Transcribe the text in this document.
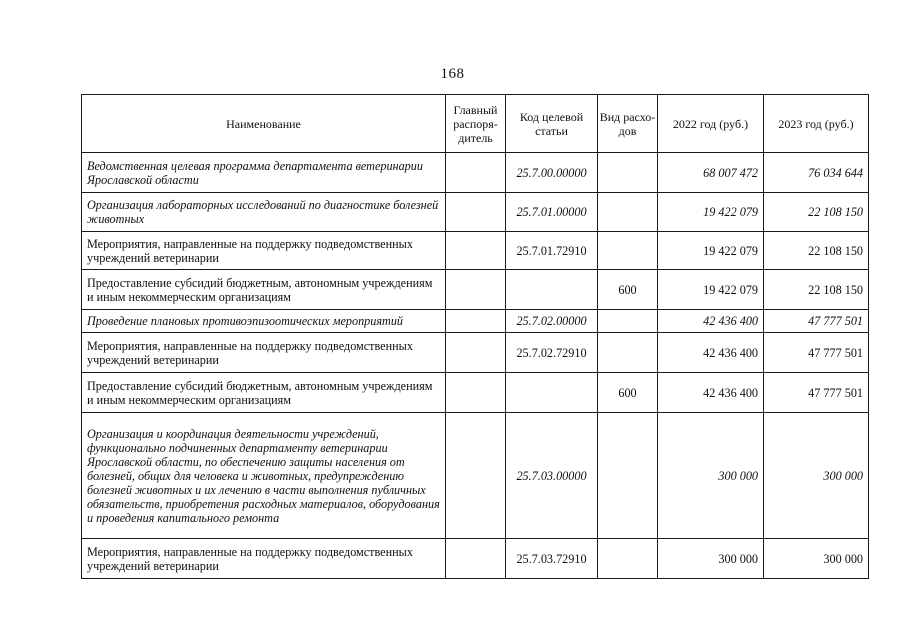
168
Наименование	Главный распоря- дитель	Код целевой статьи	Вид расхо- дов	2022 год (руб.)	2023 год (руб.)
Ведомственная целевая программа департамента ветеринарии Ярославской области		25.7.00.00000		68 007 472	76 034 644
Организация лабораторных исследований по диагностике болезней животных		25.7.01.00000		19 422 079	22 108 150
Мероприятия, направленные на поддержку подведомственных учреждений ветеринарии		25.7.01.72910		19 422 079	22 108 150
Предоставление субсидий бюджетным, автономным учреждениям и иным некоммерческим организациям			600	19 422 079	22 108 150
Проведение плановых противоэпизоотических мероприятий		25.7.02.00000		42 436 400	47 777 501
Мероприятия, направленные на поддержку подведомственных учреждений ветеринарии		25.7.02.72910		42 436 400	47 777 501
Предоставление субсидий бюджетным, автономным учреждениям и иным некоммерческим организациям			600	42 436 400	47 777 501
Организация и координация деятельности учреждений, функционально подчиненных департаменту ветеринарии Ярославской области, по обеспечению защиты населения от болезней, общих для человека и животных, предупреждению болезней животных и их лечению в части выполнения публичных обязательств, приобретения расходных материалов, оборудования и проведения капитального ремонта		25.7.03.00000		300 000	300 000
Мероприятия, направленные на поддержку подведомственных учреждений ветеринарии		25.7.03.72910		300 000	300 000
